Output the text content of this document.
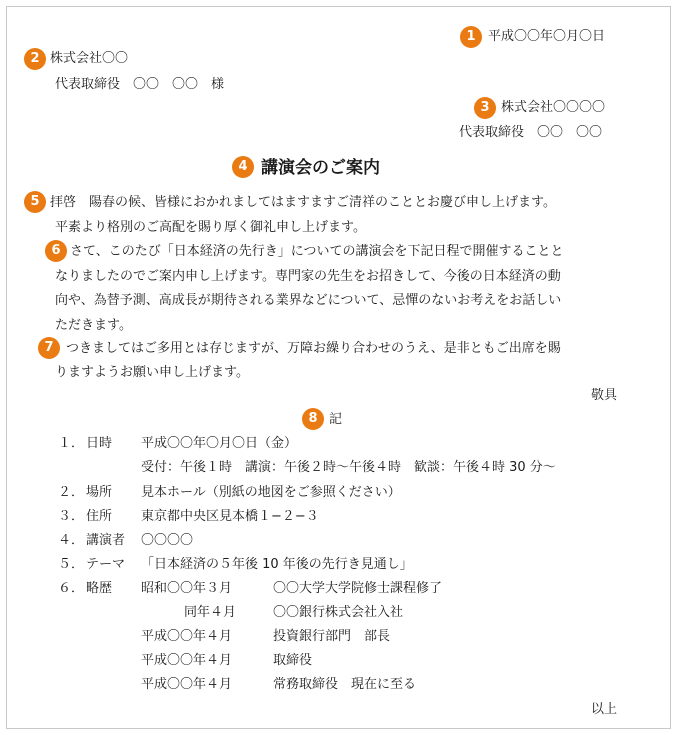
1 平成〇〇年〇月〇日
2 株式会社〇〇
代表取締役　〇〇　〇〇　様
3 株式会社〇〇〇〇
代表取締役　〇〇　〇〇
4 講演会のご案内
5 拝啓　陽春の候、皆様におかれましてはますますご清祥のこととお慶び申し上げます。
平素より格別のご高配を賜り厚く御礼申し上げます。
6 さて、このたび「日本経済の先行き」についての講演会を下記日程で開催することと
なりましたのでご案内申し上げます。専門家の先生をお招きして、今後の日本経済の動
向や、為替予測、高成長が期待される業界などについて、忌憚のないお考えをお話しい
ただきます。
7 つきましてはご多用とは存じますが、万障お繰り合わせのうえ、是非ともご出席を賜
りますようお願い申し上げます。
敬具
8 記
１． 日時 平成〇〇年〇月〇日（金）
受付：午後１時　講演：午後２時〜午後４時　歓談：午後４時 30 分〜
２． 場所 見本ホール（別紙の地図をご参照ください）
３． 住所 東京都中央区見本橋１−２−３
４． 講演者 〇〇〇〇
５． テーマ 「日本経済の５年後 10 年後の先行き見通し」
６． 略歴 昭和〇〇年３月	〇〇大学大学院修士課程修了
同年４月	〇〇銀行株式会社入社
平成〇〇年４月	投資銀行部門　部長
平成〇〇年４月	取締役
平成〇〇年４月	常務取締役　現在に至る
以上
